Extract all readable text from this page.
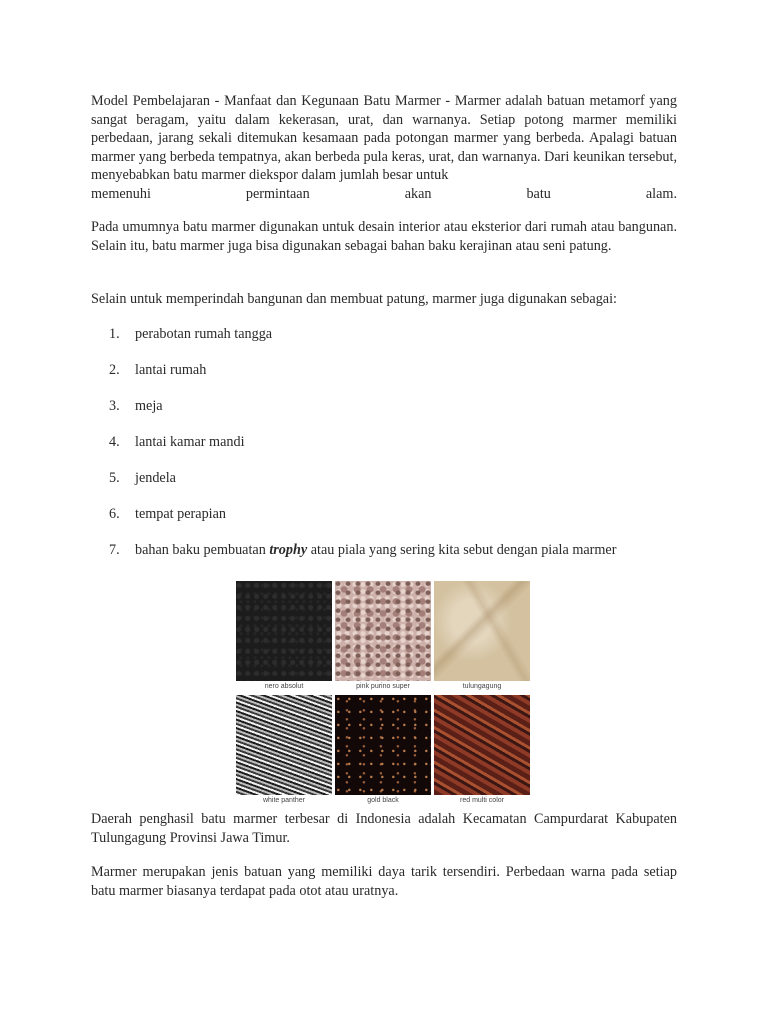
Model Pembelajaran - Manfaat dan Kegunaan Batu Marmer - Marmer adalah batuan metamorf yang sangat beragam, yaitu dalam kekerasan, urat, dan warnanya. Setiap potong marmer memiliki perbedaan, jarang sekali ditemukan kesamaan pada potongan marmer yang berbeda. Apalagi batuan marmer yang berbeda tempatnya, akan berbeda pula keras, urat, dan warnanya. Dari keunikan tersebut, menyebabkan batu marmer diekspor dalam jumlah besar untuk
memenuhi permintaan akan batu alam.

Pada umumnya batu marmer digunakan untuk desain interior atau eksterior dari rumah atau bangunan. Selain itu, batu marmer juga bisa digunakan sebagai bahan baku kerajinan atau seni patung.

Selain untuk memperindah bangunan dan membuat patung, marmer juga digunakan sebagai:

1.	perabotan rumah tangga
2.	lantai rumah
3.	meja
4.	lantai kamar mandi
5.	jendela
6.	tempat perapian
7.	bahan baku pembuatan trophy atau piala yang sering kita sebut dengan piala marmer
nero absolut	pink purino super	tulungagung
white panther	gold black	red multi color

Daerah penghasil batu marmer terbesar di Indonesia adalah Kecamatan Campurdarat Kabupaten Tulungagung Provinsi Jawa Timur.

Marmer merupakan jenis batuan yang memiliki daya tarik tersendiri. Perbedaan warna pada setiap batu marmer biasanya terdapat pada otot atau uratnya.
